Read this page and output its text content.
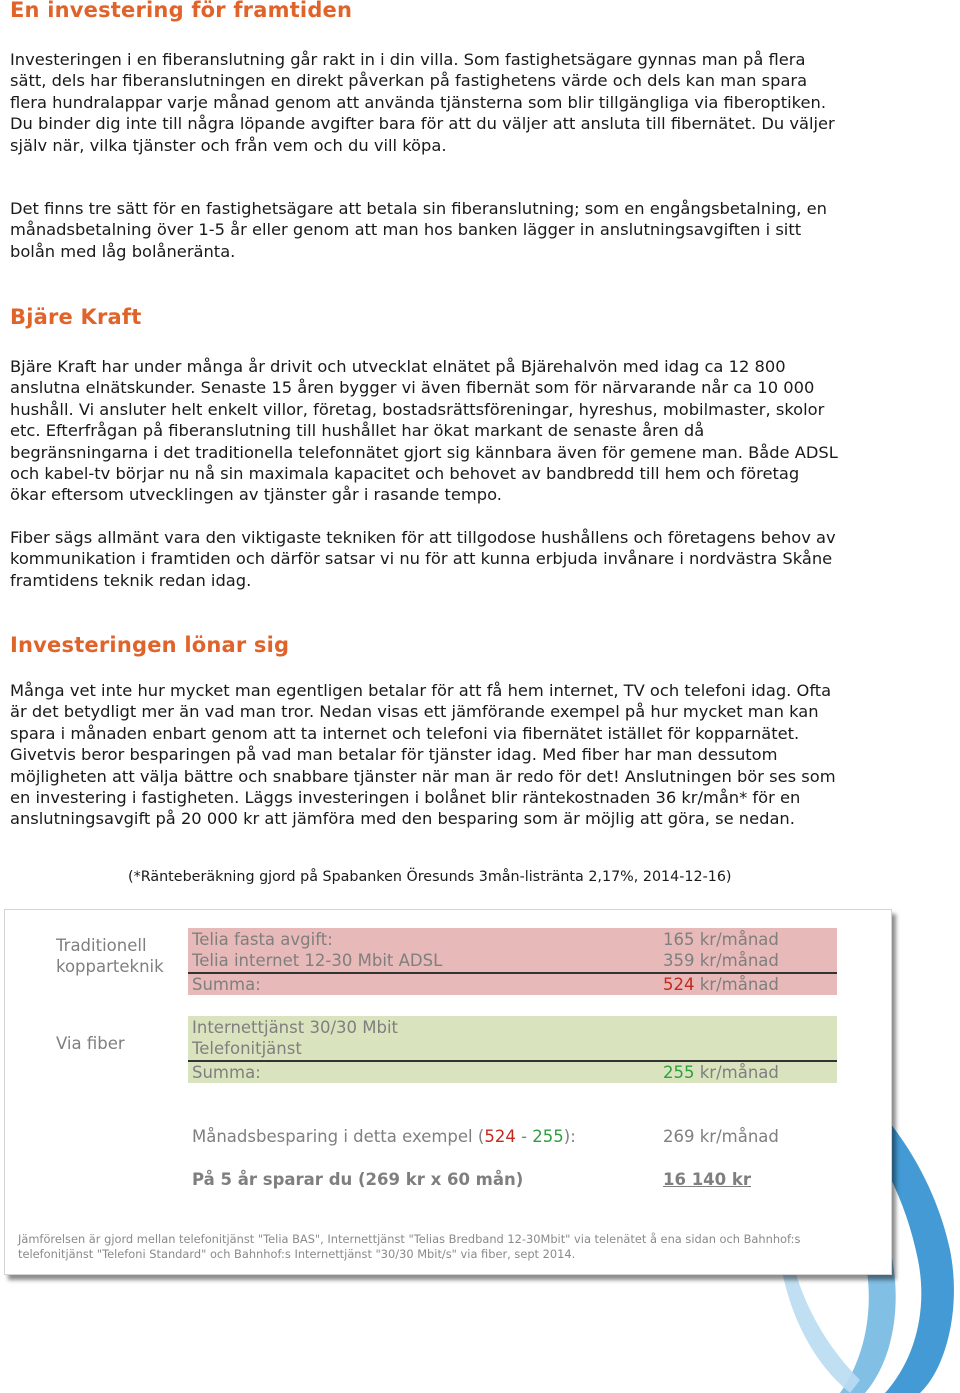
En investering för framtiden

Investeringen i en fiberanslutning går rakt in i din villa. Som fastighetsägare gynnas man på flera sätt, dels har fiberanslutningen en direkt påverkan på fastighetens värde och dels kan man spara flera hundralappar varje månad genom att använda tjänsterna som blir tillgängliga via fiberoptiken. Du binder dig inte till några löpande avgifter bara för att du väljer att ansluta till fibernätet. Du väljer själv när, vilka tjänster och från vem och du vill köpa.

Det finns tre sätt för en fastighetsägare att betala sin fiberanslutning; som en engångsbetalning, en månadsbetalning över 1-5 år eller genom att man hos banken lägger in anslutningsavgiften i sitt bolån med låg bolåneränta.

Bjäre Kraft

Bjäre Kraft har under många år drivit och utvecklat elnätet på Bjärehalvön med idag ca 12 800 anslutna elnätskunder. Senaste 15 åren bygger vi även fibernät som för närvarande når ca 10 000 hushåll. Vi ansluter helt enkelt villor, företag, bostadsrättsföreningar, hyreshus, mobilmaster, skolor etc. Efterfrågan på fiberanslutning till hushållet har ökat markant de senaste åren då begränsningarna i det traditionella telefonnätet gjort sig kännbara även för gemene man. Både ADSL och kabel-tv börjar nu nå sin maximala kapacitet och behovet av bandbredd till hem och företag ökar eftersom utvecklingen av tjänster går i rasande tempo.

Fiber sägs allmänt vara den viktigaste tekniken för att tillgodose hushållens och företagens behov av kommunikation i framtiden och därför satsar vi nu för att kunna erbjuda invånare i nordvästra Skåne framtidens teknik redan idag.

Investeringen lönar sig

Många vet inte hur mycket man egentligen betalar för att få hem internet, TV och telefoni idag. Ofta är det betydligt mer än vad man tror. Nedan visas ett jämförande exempel på hur mycket man kan spara i månaden enbart genom att ta internet och telefoni via fibernätet istället för kopparnätet. Givetvis beror besparingen på vad man betalar för tjänster idag. Med fiber har man dessutom möjligheten att välja bättre och snabbare tjänster när man är redo för det! Anslutningen bör ses som en investering i fastigheten. Läggs investeringen i bolånet blir räntekostnaden 36 kr/mån* för en anslutningsavgift på 20 000 kr att jämföra med den besparing som är möjlig att göra, se nedan.

(*Ränteberäkning gjord på Spabanken Öresunds 3mån-listränta 2,17%, 2014-12-16)

Traditionell

kopparteknik

Telia fasta avgift:	165 kr/månad

Telia internet 12-30 Mbit ADSL	359 kr/månad

Summa:	524 kr/månad

Via fiber

Internettjänst 30/30 Mbit

Telefonitjänst

Summa:	255 kr/månad

Månadsbesparing i detta exempel (524 - 255):	269 kr/månad

På 5 år sparar du (269 kr x 60 mån)	16 140 kr

Jämförelsen är gjord mellan telefonitjänst "Telia BAS", Internettjänst "Telias Bredband 12-30Mbit" via telenätet å ena sidan och Bahnhof:s telefonitjänst "Telefoni Standard" och Bahnhof:s Internettjänst "30/30 Mbit/s" via fiber, sept 2014.
